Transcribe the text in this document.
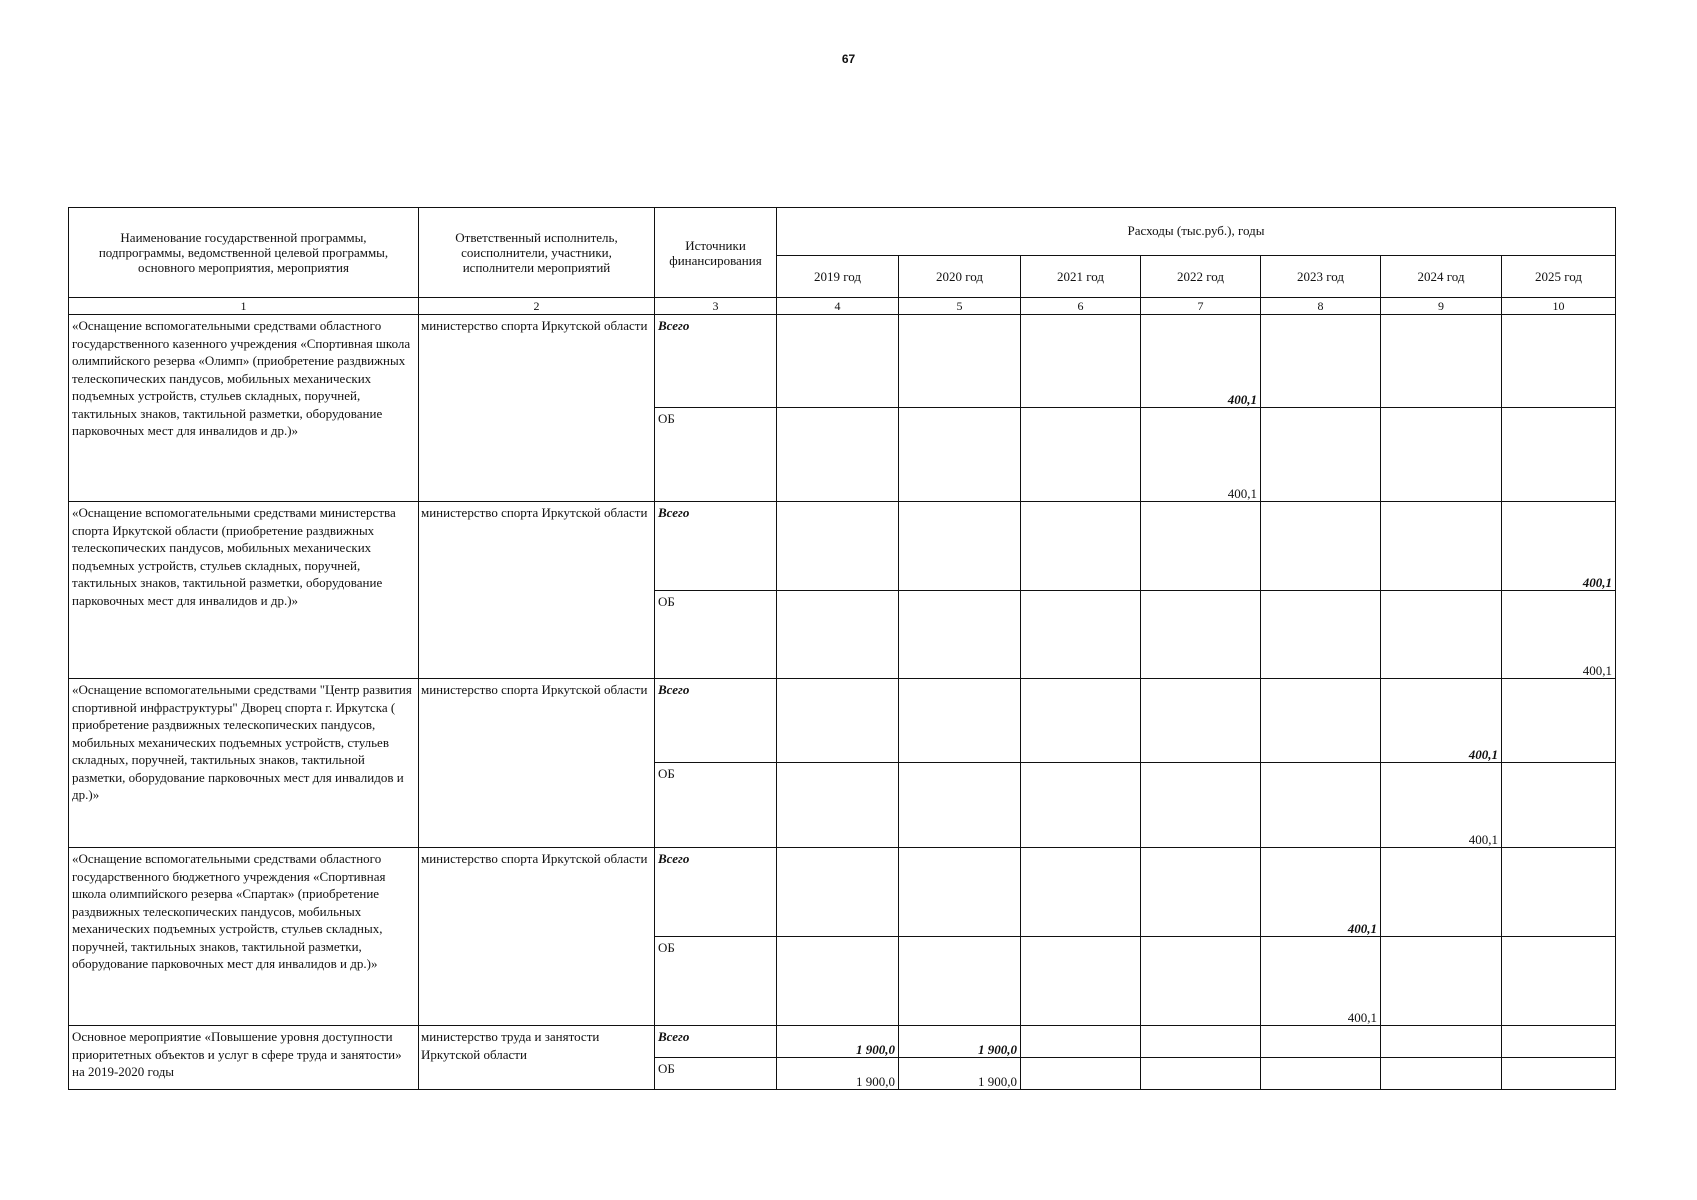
67
Наименование государственной программы, подпрограммы, ведомственной целевой программы, основного мероприятия, мероприятия	Ответственный исполнитель, соисполнители, участники, исполнители мероприятий	Источники финансирования	Расходы (тыс.руб.), годы						
			2019 год	2020 год	2021 год	2022 год	2023 год	2024 год	2025 год
1	2	3	4	5	6	7	8	9	10
«Оснащение вспомогательными средствами областного государственного казенного учреждения «Спортивная школа олимпийского резерва «Олимп» (приобретение раздвижных телескопических пандусов, мобильных механических подъемных устройств, стульев складных, поручней, тактильных знаков, тактильной разметки, оборудование парковочных мест для инвалидов и др.)»	министерство спорта Иркутской области	Всего				400,1			

		ОБ				400,1			

«Оснащение вспомогательными средствами министерства спорта Иркутской области (приобретение раздвижных телескопических пандусов, мобильных механических подъемных устройств, стульев складных, поручней, тактильных знаков, тактильной разметки, оборудование парковочных мест для инвалидов и др.)»	министерство спорта Иркутской области	Всего							400,1

		ОБ							400,1

«Оснащение вспомогательными средствами "Центр развития спортивной инфраструктуры" Дворец спорта г. Иркутска ( приобретение раздвижных телескопических пандусов, мобильных механических подъемных устройств, стульев складных, поручней, тактильных знаков, тактильной разметки, оборудование парковочных мест для инвалидов и др.)»	министерство спорта Иркутской области	Всего						400,1	

		ОБ						400,1	

«Оснащение вспомогательными средствами областного государственного бюджетного учреждения «Спортивная школа олимпийского резерва «Спартак» (приобретение раздвижных телескопических пандусов, мобильных механических подъемных устройств, стульев складных, поручней, тактильных знаков, тактильной разметки, оборудование парковочных мест для инвалидов и др.)»	министерство спорта Иркутской области	Всего					400,1		

		ОБ					400,1		

Основное мероприятие «Повышение уровня доступности приоритетных объектов и услуг в сфере труда и занятости» на 2019-2020 годы	министерство труда и занятости Иркутской области	Всего	1 900,0	1 900,0					

		ОБ	1 900,0	1 900,0					
